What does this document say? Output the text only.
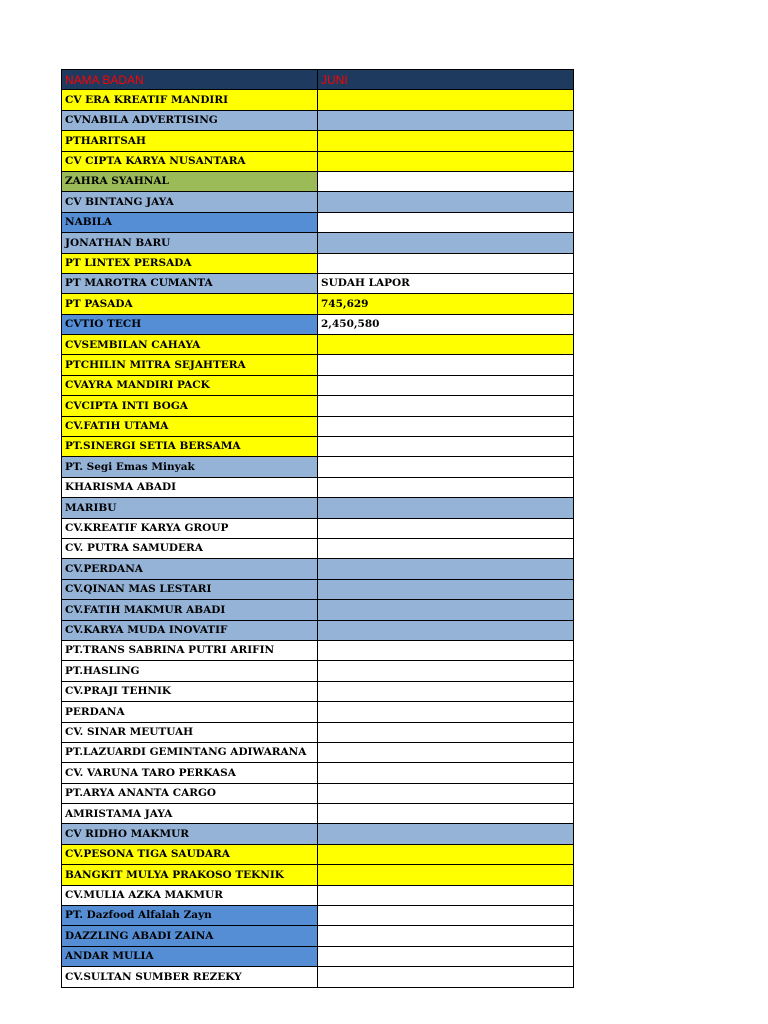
NAMA BADAN	JUNI
CV ERA KREATIF MANDIRI	
CVNABILA ADVERTISING	
PTHARITSAH	
CV CIPTA KARYA NUSANTARA	
ZAHRA SYAHNAL	
CV BINTANG JAYA	
NABILA	
JONATHAN BARU	
PT LINTEX PERSADA	
PT MAROTRA CUMANTA	SUDAH LAPOR
PT PASADA	745,629
CVTIO TECH	2,450,580
CVSEMBILAN CAHAYA	
PTCHILIN MITRA SEJAHTERA	
CVAYRA MANDIRI PACK	
CVCIPTA INTI BOGA	
CV.FATIH UTAMA	
PT.SINERGI SETIA BERSAMA	
PT. Segi Emas Minyak	
KHARISMA ABADI	
MARIBU	
CV.KREATIF KARYA GROUP	
CV. PUTRA SAMUDERA	
CV.PERDANA	
CV.QINAN MAS LESTARI	
CV.FATIH MAKMUR ABADI	
CV.KARYA MUDA INOVATIF	
PT.TRANS SABRINA PUTRI ARIFIN	
PT.HASLING	
CV.PRAJI TEHNIK	
PERDANA	
CV. SINAR MEUTUAH	
PT.LAZUARDI GEMINTANG ADIWARANA	
CV. VARUNA TARO PERKASA	
PT.ARYA ANANTA CARGO	
AMRISTAMA JAYA	
CV RIDHO MAKMUR	
CV.PESONA TIGA SAUDARA	
BANGKIT MULYA PRAKOSO TEKNIK	
CV.MULIA AZKA MAKMUR	
PT. Dazfood Alfalah Zayn	
DAZZLING ABADI ZAINA	
ANDAR MULIA	
CV.SULTAN SUMBER REZEKY	
